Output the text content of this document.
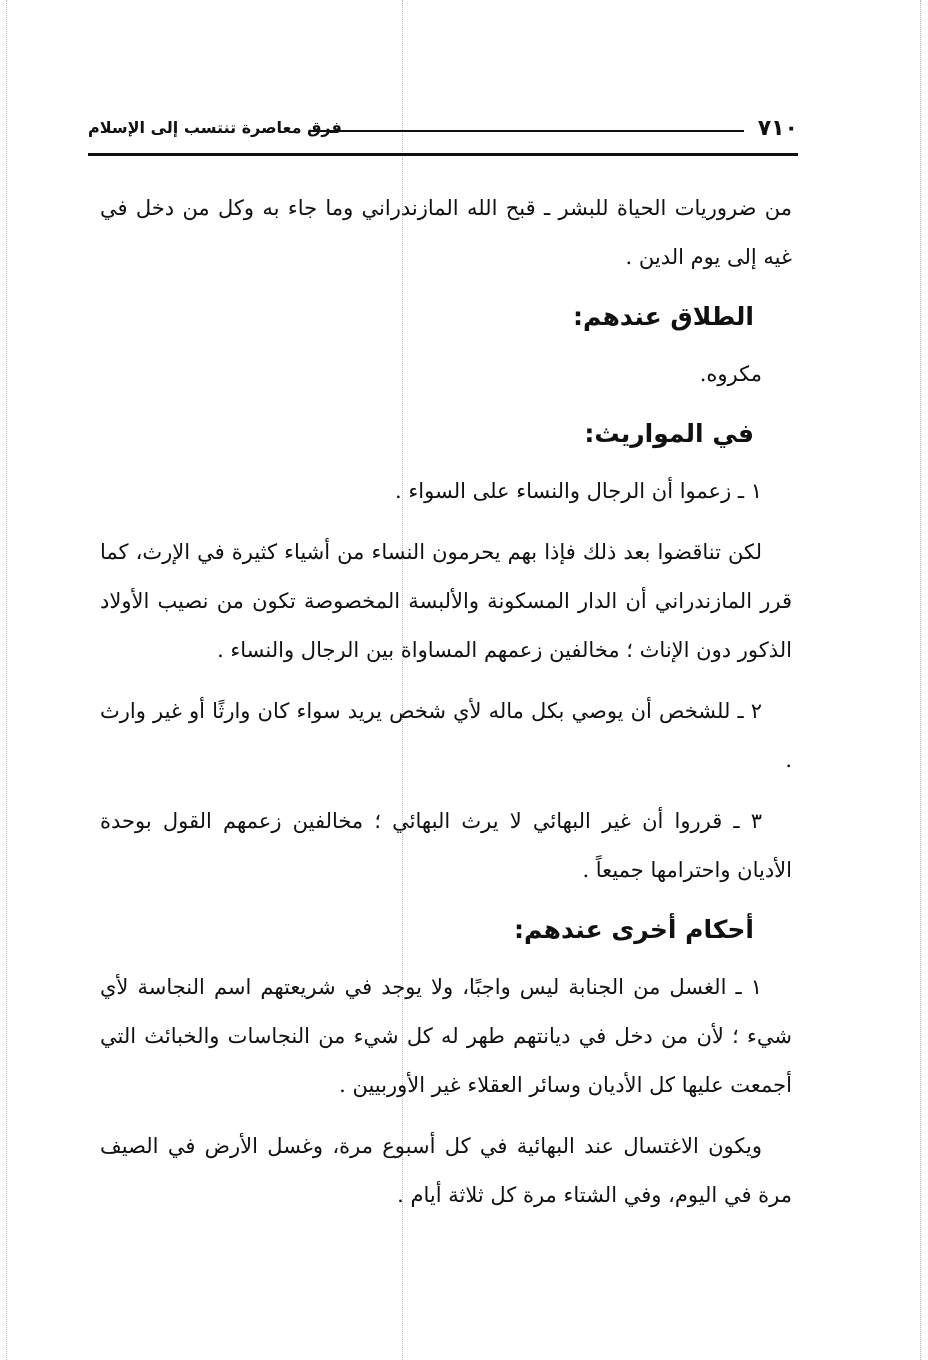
٧١٠
فرق معاصرة تنتسب إلى الإسلام

من ضروريات الحياة للبشر ـ قبح الله المازندراني وما جاء به وكل من دخل في غيه إلى يوم الدين .

الطلاق عندهم:

مكروه.

في المواريث:

١ ـ زعموا أن الرجال والنساء على السواء .

لكن تناقضوا بعد ذلك فإذا بهم يحرمون النساء من أشياء كثيرة في الإرث، كما قرر المازندراني أن الدار المسكونة والألبسة المخصوصة تكون من نصيب الأولاد الذكور دون الإناث ؛ مخالفين زعمهم المساواة بين الرجال والنساء .

٢ ـ للشخص أن يوصي بكل ماله لأي شخص يريد سواء كان وارثًا أو غير وارث .

٣ ـ قرروا أن غير البهائي لا يرث البهائي ؛ مخالفين زعمهم القول بوحدة الأديان واحترامها جميعاً .

أحكام أخرى عندهم:

١ ـ الغسل من الجنابة ليس واجبًا، ولا يوجد في شريعتهم اسم النجاسة لأي شيء ؛ لأن من دخل في ديانتهم طهر له كل شيء من النجاسات والخبائث التي أجمعت عليها كل الأديان وسائر العقلاء غير الأوربيين .

ويكون الاغتسال عند البهائية في كل أسبوع مرة، وغسل الأرض في الصيف مرة في اليوم، وفي الشتاء مرة كل ثلاثة أيام .
